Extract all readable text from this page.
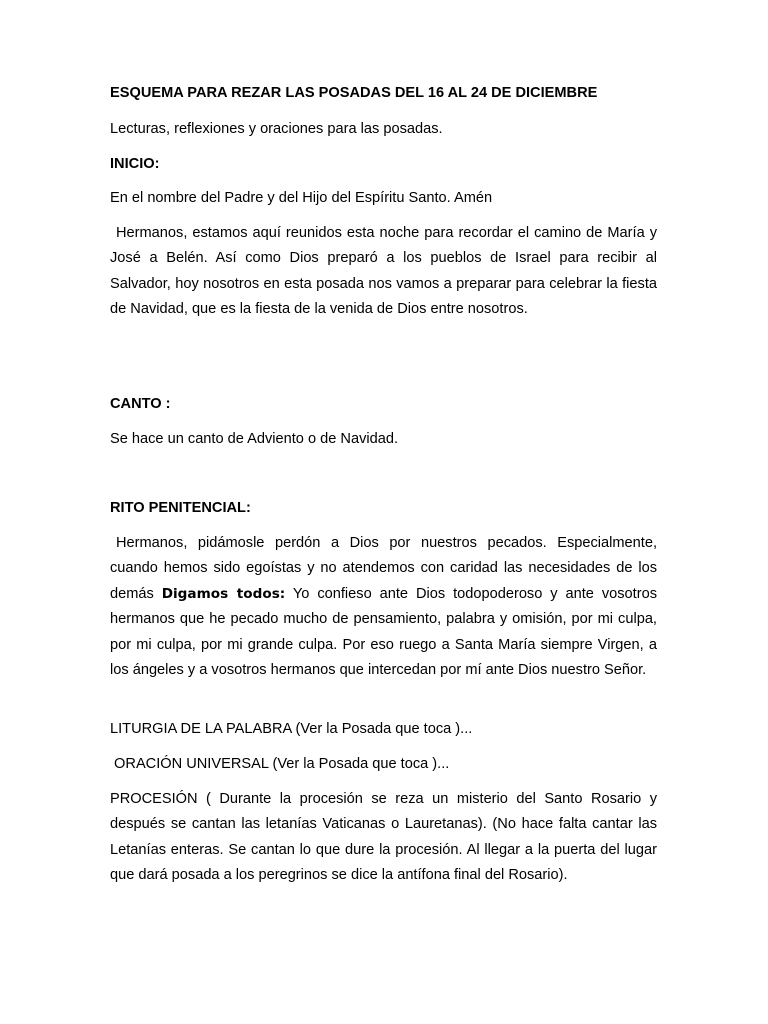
ESQUEMA PARA REZAR LAS POSADAS DEL 16 AL 24 DE DICIEMBRE

Lecturas, reflexiones y oraciones para las posadas.

INICIO:

En el nombre del Padre y del Hijo del Espíritu Santo. Amén

Hermanos, estamos aquí reunidos esta noche para recordar el camino de María y José a Belén. Así como Dios preparó a los pueblos de Israel para recibir al Salvador, hoy nosotros en esta posada nos vamos a preparar para celebrar la fiesta de Navidad, que es la fiesta de la venida de Dios entre nosotros.

CANTO :

Se hace un canto de Adviento o de Navidad.

RITO PENITENCIAL:

Hermanos, pidámosle perdón a Dios por nuestros pecados. Especialmente, cuando hemos sido egoístas y no atendemos con caridad las necesidades de los demás Digamos todos: Yo confieso ante Dios todopoderoso y ante vosotros hermanos que he pecado mucho de pensamiento, palabra y omisión, por mi culpa, por mi culpa, por mi grande culpa. Por eso ruego a Santa María siempre Virgen, a los ángeles y a vosotros hermanos que intercedan por mí ante Dios nuestro Señor.

LITURGIA DE LA PALABRA (Ver la Posada que toca )...

ORACIÓN UNIVERSAL (Ver la Posada que toca )...

PROCESIÓN ( Durante la procesión se reza un misterio del Santo Rosario y después se cantan las letanías Vaticanas o Lauretanas). (No hace falta cantar las Letanías enteras. Se cantan lo que dure la procesión. Al llegar a la puerta del lugar que dará posada a los peregrinos se dice la antífona final del Rosario).
